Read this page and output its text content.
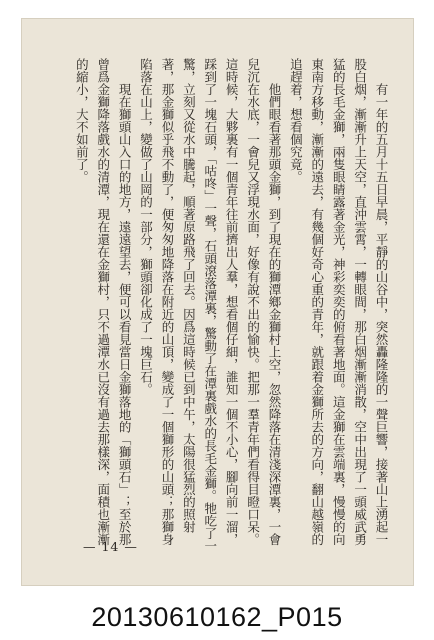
— 14 —

有一年的五月十五日早晨，平靜的山谷中，突然轟隆隆的一聲巨響，接著山上湧起一股白烟，漸漸升上天空，直沖雲霄，一轉眼間，那白烟漸漸消散，空中出現了一頭威武勇猛的長毛金獅，兩隻眼睛露著金光，神彩奕奕的俯看著地面。這金獅在雲端裏，慢慢的向東南方移動，漸漸的遠去，有幾個好奇心重的青年，就跟着金獅所去的方向，翻山越嶺的追趕着，想看個究竟。

他們眼看著那頭金獅，到了現在的獅潭鄉金獅村上空，忽然降落在清淺深潭裏，一會兒沉在水底，一會兒又浮現水面，好像有說不出的愉快。把那一羣青年們看得目瞪口呆。這時候，大夥裏有一個青年往前擠出人羣，想看個仔細，誰知一個不小心，腳向前一溜，踩到了一塊石頭，「咕咚」一聲，石頭滾落潭裏，驚動了在潭裏戲水的長毛金獅。牠吃了一驚，立刻又從水中騰起，順著原路飛了回去。因爲這時候已到中午，太陽很猛烈的照射著，那金獅似乎飛不動了，便匆匆地降落在附近的山頂，變成了一個獅形的山頭；那獅身陷落在山上，變做了山岡的一部分，獅頭卻化成了一塊巨石。

現在獅頭山入口的地方，遠遠望去，便可以看見當日金獅落地的「獅頭石」；至於那曾爲金獅降落戲水的清潭，現在還在金獅村，只不過潭水已沒有過去那樣深，面積也漸漸的縮小，大不如前了。

20130610162_P015
